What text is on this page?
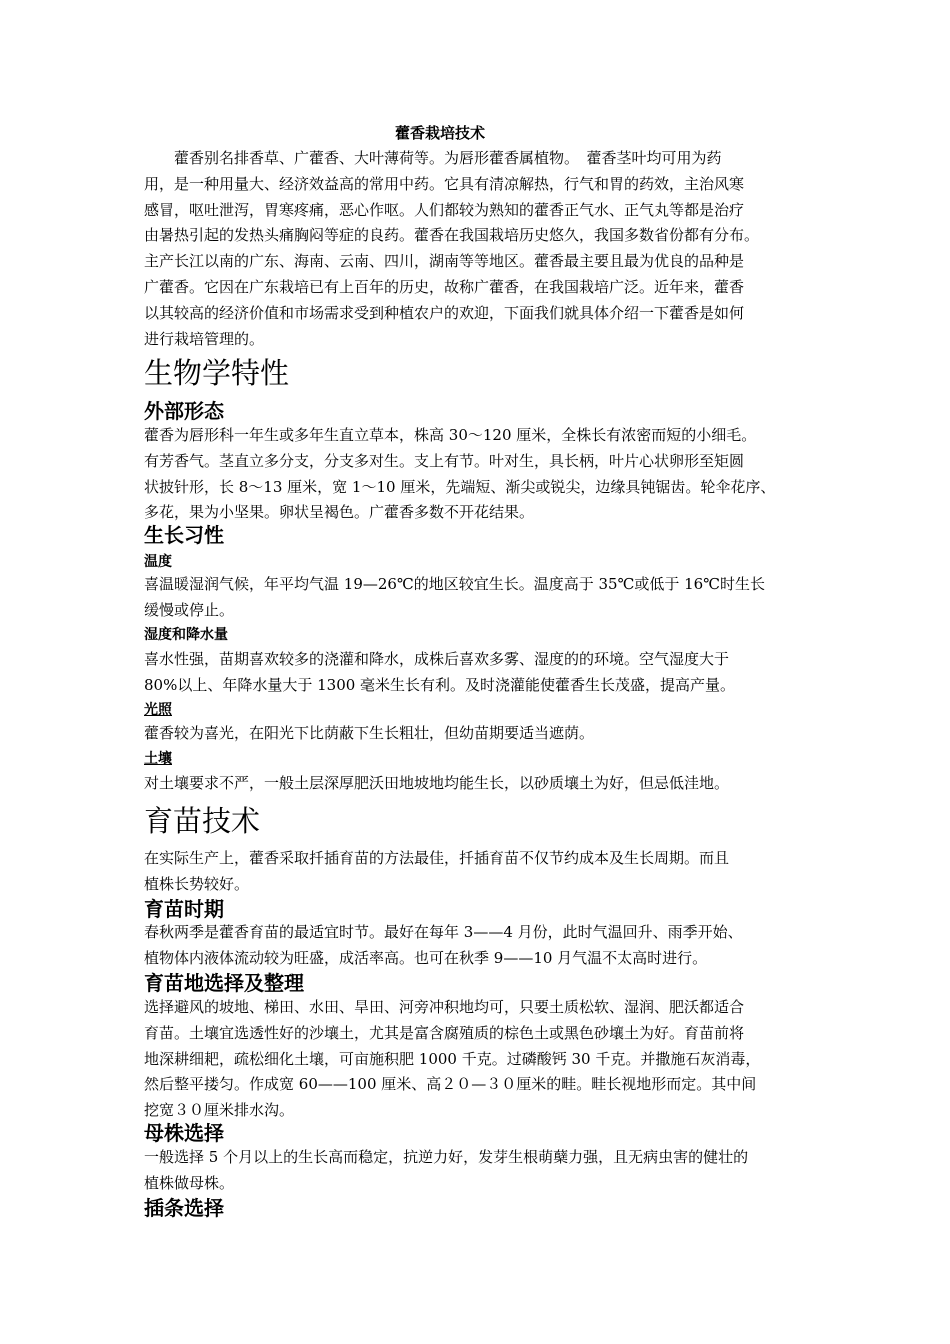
藿香栽培技术
　　藿香别名排香草、广藿香、大叶薄荷等。为唇形藿香属植物。　藿香茎叶均可用为药
用，是一种用量大、经济效益高的常用中药。它具有清凉解热，行气和胃的药效，主治风寒
感冒，呕吐泄泻，胃寒疼痛，恶心作呕。人们都较为熟知的藿香正气水、正气丸等都是治疗
由暑热引起的发热头痛胸闷等症的良药。藿香在我国栽培历史悠久，我国多数省份都有分布。
主产长江以南的广东、海南、云南、四川，湖南等等地区。藿香最主要且最为优良的品种是
广藿香。它因在广东栽培已有上百年的历史，故称广藿香，在我国栽培广泛。近年来，藿香
以其较高的经济价值和市场需求受到种植农户的欢迎，下面我们就具体介绍一下藿香是如何
进行栽培管理的。
生物学特性
外部形态
藿香为唇形科一年生或多年生直立草本，株高 30～120 厘米，全株长有浓密而短的小细毛。
有芳香气。茎直立多分支，分支多对生。支上有节。叶对生，具长柄，叶片心状卵形至矩圆
状披针形，长 8～13 厘米，宽 1～10 厘米，先端短、渐尖或锐尖，边缘具钝锯齿。轮伞花序、
多花，果为小坚果。卵状呈褐色。广藿香多数不开花结果。
生长习性
温度
喜温暖湿润气候，年平均气温 19—26℃的地区较宜生长。温度高于 35℃或低于 16℃时生长
缓慢或停止。
湿度和降水量
喜水性强，苗期喜欢较多的浇灌和降水，成株后喜欢多雾、湿度的的环境。空气湿度大于
80%以上、年降水量大于 1300 毫米生长有利。及时浇灌能使藿香生长茂盛，提高产量。
光照
藿香较为喜光，在阳光下比荫蔽下生长粗壮，但幼苗期要适当遮荫。
土壤
对土壤要求不严，一般土层深厚肥沃田地坡地均能生长，以砂质壤土为好，但忌低洼地。
育苗技术
在实际生产上，藿香采取扦插育苗的方法最佳，扦插育苗不仅节约成本及生长周期。而且
植株长势较好。
育苗时期
春秋两季是藿香育苗的最适宜时节。最好在每年 3——4 月份，此时气温回升、雨季开始、
植物体内液体流动较为旺盛，成活率高。也可在秋季 9——10 月气温不太高时进行。
育苗地选择及整理
选择避风的坡地、梯田、水田、旱田、河旁冲积地均可，只要土质松软、湿润、肥沃都适合
育苗。土壤宜选透性好的沙壤土，尤其是富含腐殖质的棕色土或黑色砂壤土为好。育苗前将
地深耕细耙，疏松细化土壤，可亩施积肥 1000 千克。过磷酸钙 30 千克。并撒施石灰消毒，
然后整平搂匀。作成宽 60——100 厘米、高２０—３０厘米的畦。畦长视地形而定。其中间
挖宽３０厘米排水沟。
母株选择
一般选择 5 个月以上的生长高而稳定，抗逆力好，发芽生根萌蘖力强，且无病虫害的健壮的
植株做母株。
插条选择
